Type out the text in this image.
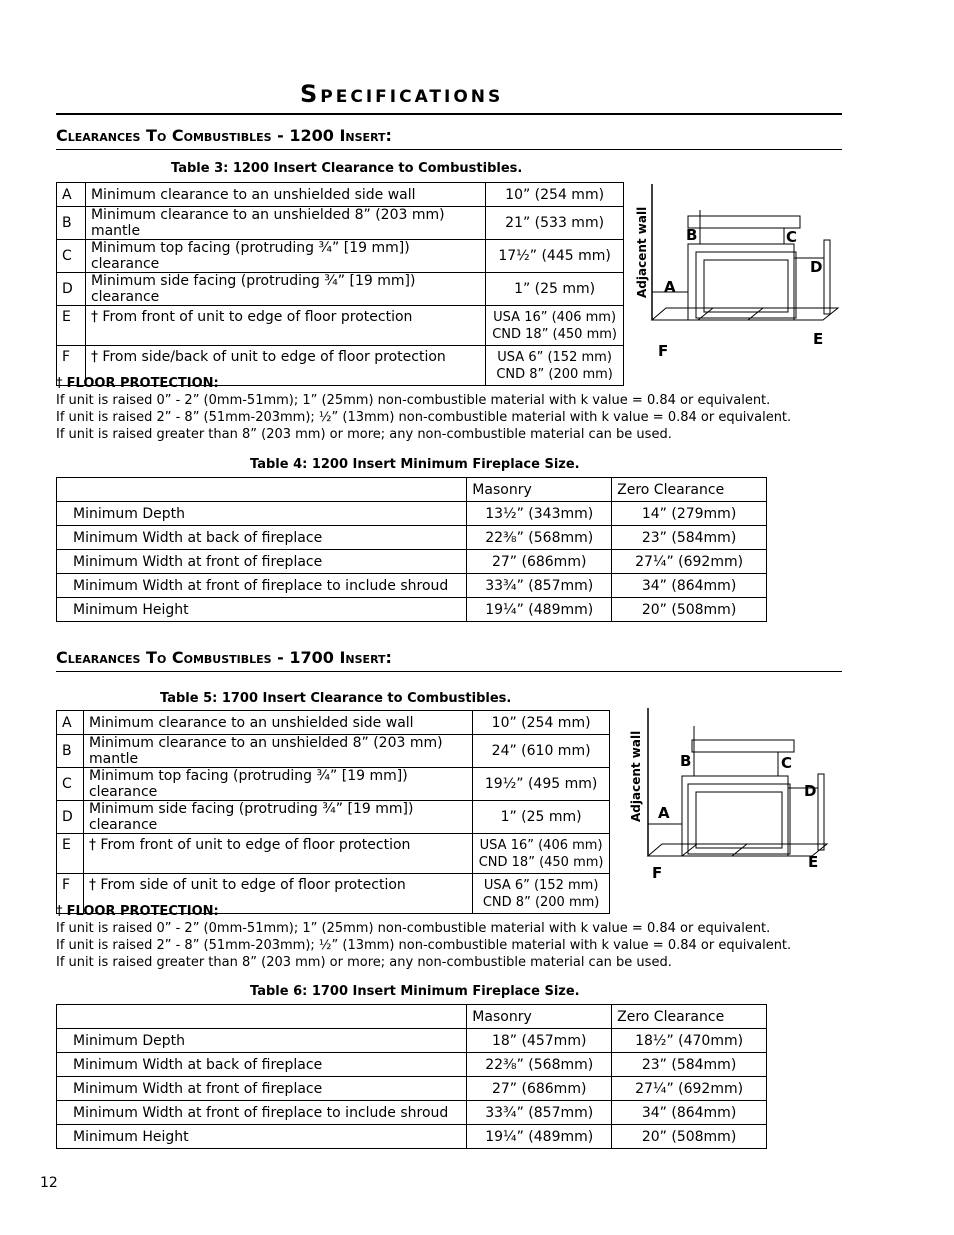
Specifications
Clearances To Combustibles - 1200 Insert:
Table 3: 1200 Insert Clearance to Combustibles.
A	Minimum clearance to an unshielded side wall	10” (254 mm)
B	Minimum clearance to an unshielded 8” (203 mm) mantle	21” (533 mm)
C	Minimum top facing (protruding ¾” [19 mm]) clearance	17½” (445 mm)
D	Minimum side facing (protruding ¾” [19 mm]) clearance	1” (25 mm)
E	† From front of unit to edge of floor protection	USA 16” (406 mm)
CND 18” (450 mm)

F	† From side/back of unit to edge of floor protection	USA 6” (152 mm)
CND 8” (200 mm)
Adjacent wall B	C
D
A
E
F
† FLOOR PROTECTION:
If unit is raised 0” - 2” (0mm-51mm); 1” (25mm) non-combustible material with k value = 0.84 or equivalent.
If unit is raised 2” - 8” (51mm-203mm); ½” (13mm) non-combustible material with k value = 0.84 or equivalent.
If unit is raised greater than 8” (203 mm) or more; any non-combustible material can be used.
Table 4: 1200 Insert Minimum Fireplace Size.
	Masonry	Zero Clearance
Minimum Depth	13½” (343mm)	14” (279mm)
Minimum Width at back of fireplace	22⅜” (568mm)	23” (584mm)
Minimum Width at front of fireplace	27” (686mm)	27¼” (692mm)
Minimum Width at front of fireplace to include shroud	33¾” (857mm)	34” (864mm)
Minimum Height	19¼” (489mm)	20” (508mm)
Clearances To Combustibles - 1700 Insert:
Table 5: 1700 Insert Clearance to Combustibles.
A	Minimum clearance to an unshielded side wall	10” (254 mm)
B	Minimum clearance to an unshielded 8” (203 mm) mantle	24” (610 mm)
C	Minimum top facing (protruding ¾” [19 mm]) clearance	19½” (495 mm)
D	Minimum side facing (protruding ¾” [19 mm]) clearance	1” (25 mm)
E	† From front of unit to edge of floor protection	USA 16” (406 mm)
CND 18” (450 mm)

F	† From side of unit to edge of floor protection	USA 6” (152 mm)
CND 8” (200 mm)
Adjacent wall B	C
D
A
E
F
† FLOOR PROTECTION:
If unit is raised 0” - 2” (0mm-51mm); 1” (25mm) non-combustible material with k value = 0.84 or equivalent.
If unit is raised 2” - 8” (51mm-203mm); ½” (13mm) non-combustible material with k value = 0.84 or equivalent.
If unit is raised greater than 8” (203 mm) or more; any non-combustible material can be used.
Table 6: 1700 Insert Minimum Fireplace Size.
	Masonry	Zero Clearance
Minimum Depth	18” (457mm)	18½” (470mm)
Minimum Width at back of fireplace	22⅜” (568mm)	23” (584mm)
Minimum Width at front of fireplace	27” (686mm)	27¼” (692mm)
Minimum Width at front of fireplace to include shroud	33¾” (857mm)	34” (864mm)
Minimum Height	19¼” (489mm)	20” (508mm)
12
